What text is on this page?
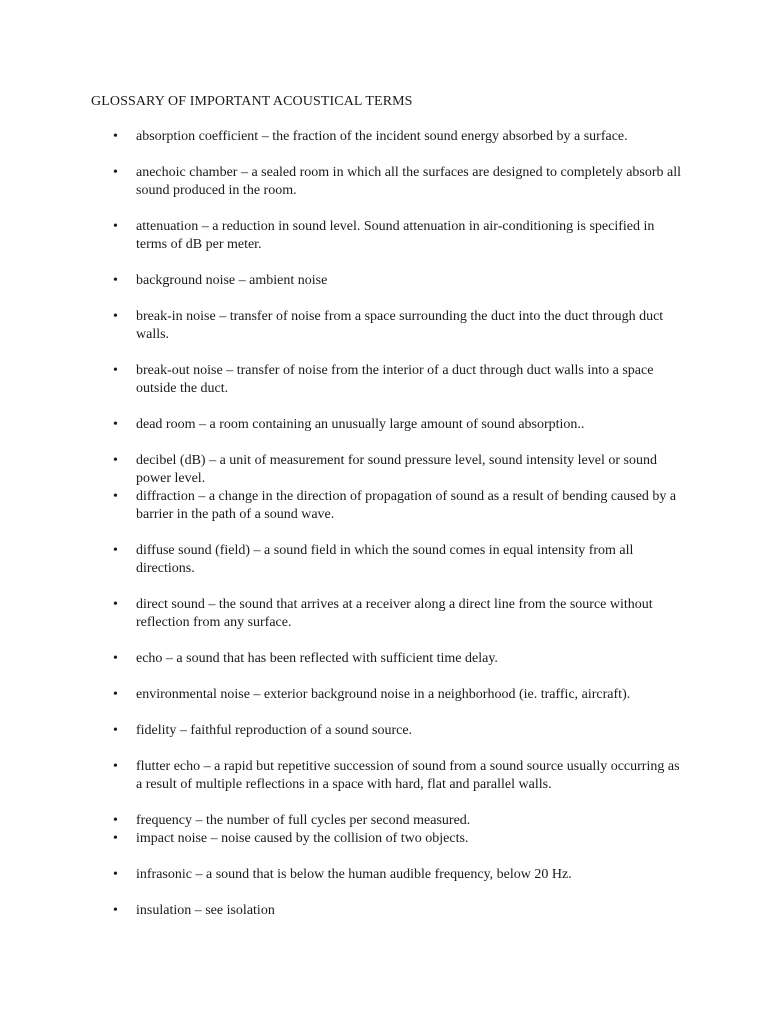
GLOSSARY OF IMPORTANT ACOUSTICAL TERMS
• absorption coefficient – the fraction of the incident sound energy absorbed by a surface.
• anechoic chamber – a sealed room in which all the surfaces are designed to completely absorb all sound produced in the room.
• attenuation – a reduction in sound level. Sound attenuation in air-conditioning is specified in terms of dB per meter.
• background noise – ambient noise
• break-in noise – transfer of noise from a space surrounding the duct into the duct through duct walls.
• break-out noise – transfer of noise from the interior of a duct through duct walls into a space outside the duct.
• dead room – a room containing an unusually large amount of sound absorption..
• decibel (dB) – a unit of measurement for sound pressure level, sound intensity level or sound power level.
• diffraction – a change in the direction of propagation of sound as a result of bending caused by a barrier in the path of a sound wave.
• diffuse sound (field) – a sound field in which the sound comes in equal intensity from all directions.
• direct sound – the sound that arrives at a receiver along a direct line from the source without reflection from any surface.
• echo – a sound that has been reflected with sufficient time delay.
• environmental noise – exterior background noise in a neighborhood (ie. traffic, aircraft).
• fidelity – faithful reproduction of a sound source.
• flutter echo – a rapid but repetitive succession of sound from a sound source usually occurring as a result of multiple reflections in a space with hard, flat and parallel walls.
• frequency – the number of full cycles per second measured.
• impact noise – noise caused by the collision of two objects.
• infrasonic – a sound that is below the human audible frequency, below 20 Hz.
• insulation – see isolation
